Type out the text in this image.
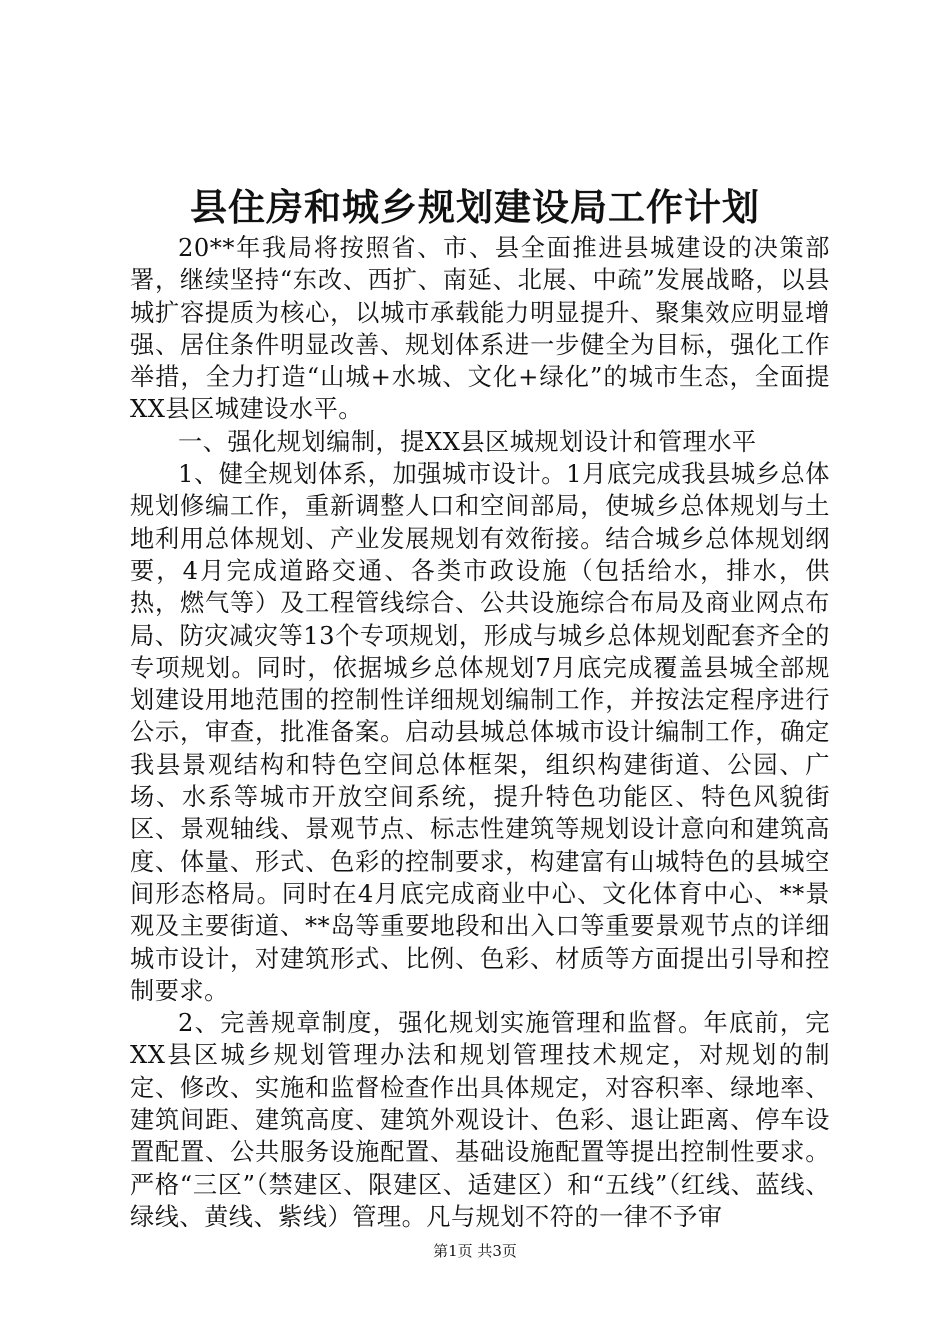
县住房和城乡规划建设局工作计划

20**年我局将按照省、市、县全面推进县城建设的决策部署，继续坚持“东改、西扩、南延、北展、中疏”发展战略，以县城扩容提质为核心，以城市承载能力明显提升、聚集效应明显增强、居住条件明显改善、规划体系进一步健全为目标，强化工作举措，全力打造“山城+水城、文化+绿化”的城市生态，全面提XX县区城建设水平。

一、强化规划编制，提XX县区城规划设计和管理水平

1、健全规划体系，加强城市设计。1月底完成我县城乡总体规划修编工作，重新调整人口和空间部局，使城乡总体规划与土地利用总体规划、产业发展规划有效衔接。结合城乡总体规划纲要，4月完成道路交通、各类市政设施（包括给水，排水，供热，燃气等）及工程管线综合、公共设施综合布局及商业网点布局、防灾减灾等13个专项规划，形成与城乡总体规划配套齐全的专项规划。同时，依据城乡总体规划7月底完成覆盖县城全部规划建设用地范围的控制性详细规划编制工作，并按法定程序进行公示，审查，批准备案。启动县城总体城市设计编制工作，确定我县景观结构和特色空间总体框架，组织构建街道、公园、广场、水系等城市开放空间系统，提升特色功能区、特色风貌街区、景观轴线、景观节点、标志性建筑等规划设计意向和建筑高度、体量、形式、色彩的控制要求，构建富有山城特色的县城空间形态格局。同时在4月底完成商业中心、文化体育中心、**景观及主要街道、**岛等重要地段和出入口等重要景观节点的详细城市设计，对建筑形式、比例、色彩、材质等方面提出引导和控制要求。

2、完善规章制度，强化规划实施管理和监督。年底前，完XX县区城乡规划管理办法和规划管理技术规定，对规划的制定、修改、实施和监督检查作出具体规定，对容积率、绿地率、建筑间距、建筑高度、建筑外观设计、色彩、退让距离、停车设置配置、公共服务设施配置、基础设施配置等提出控制性要求。严格“三区”（禁建区、限建区、适建区）和“五线”（红线、蓝线、绿线、黄线、紫线）管理。凡与规划不符的一律不予审

第1页 共3页
